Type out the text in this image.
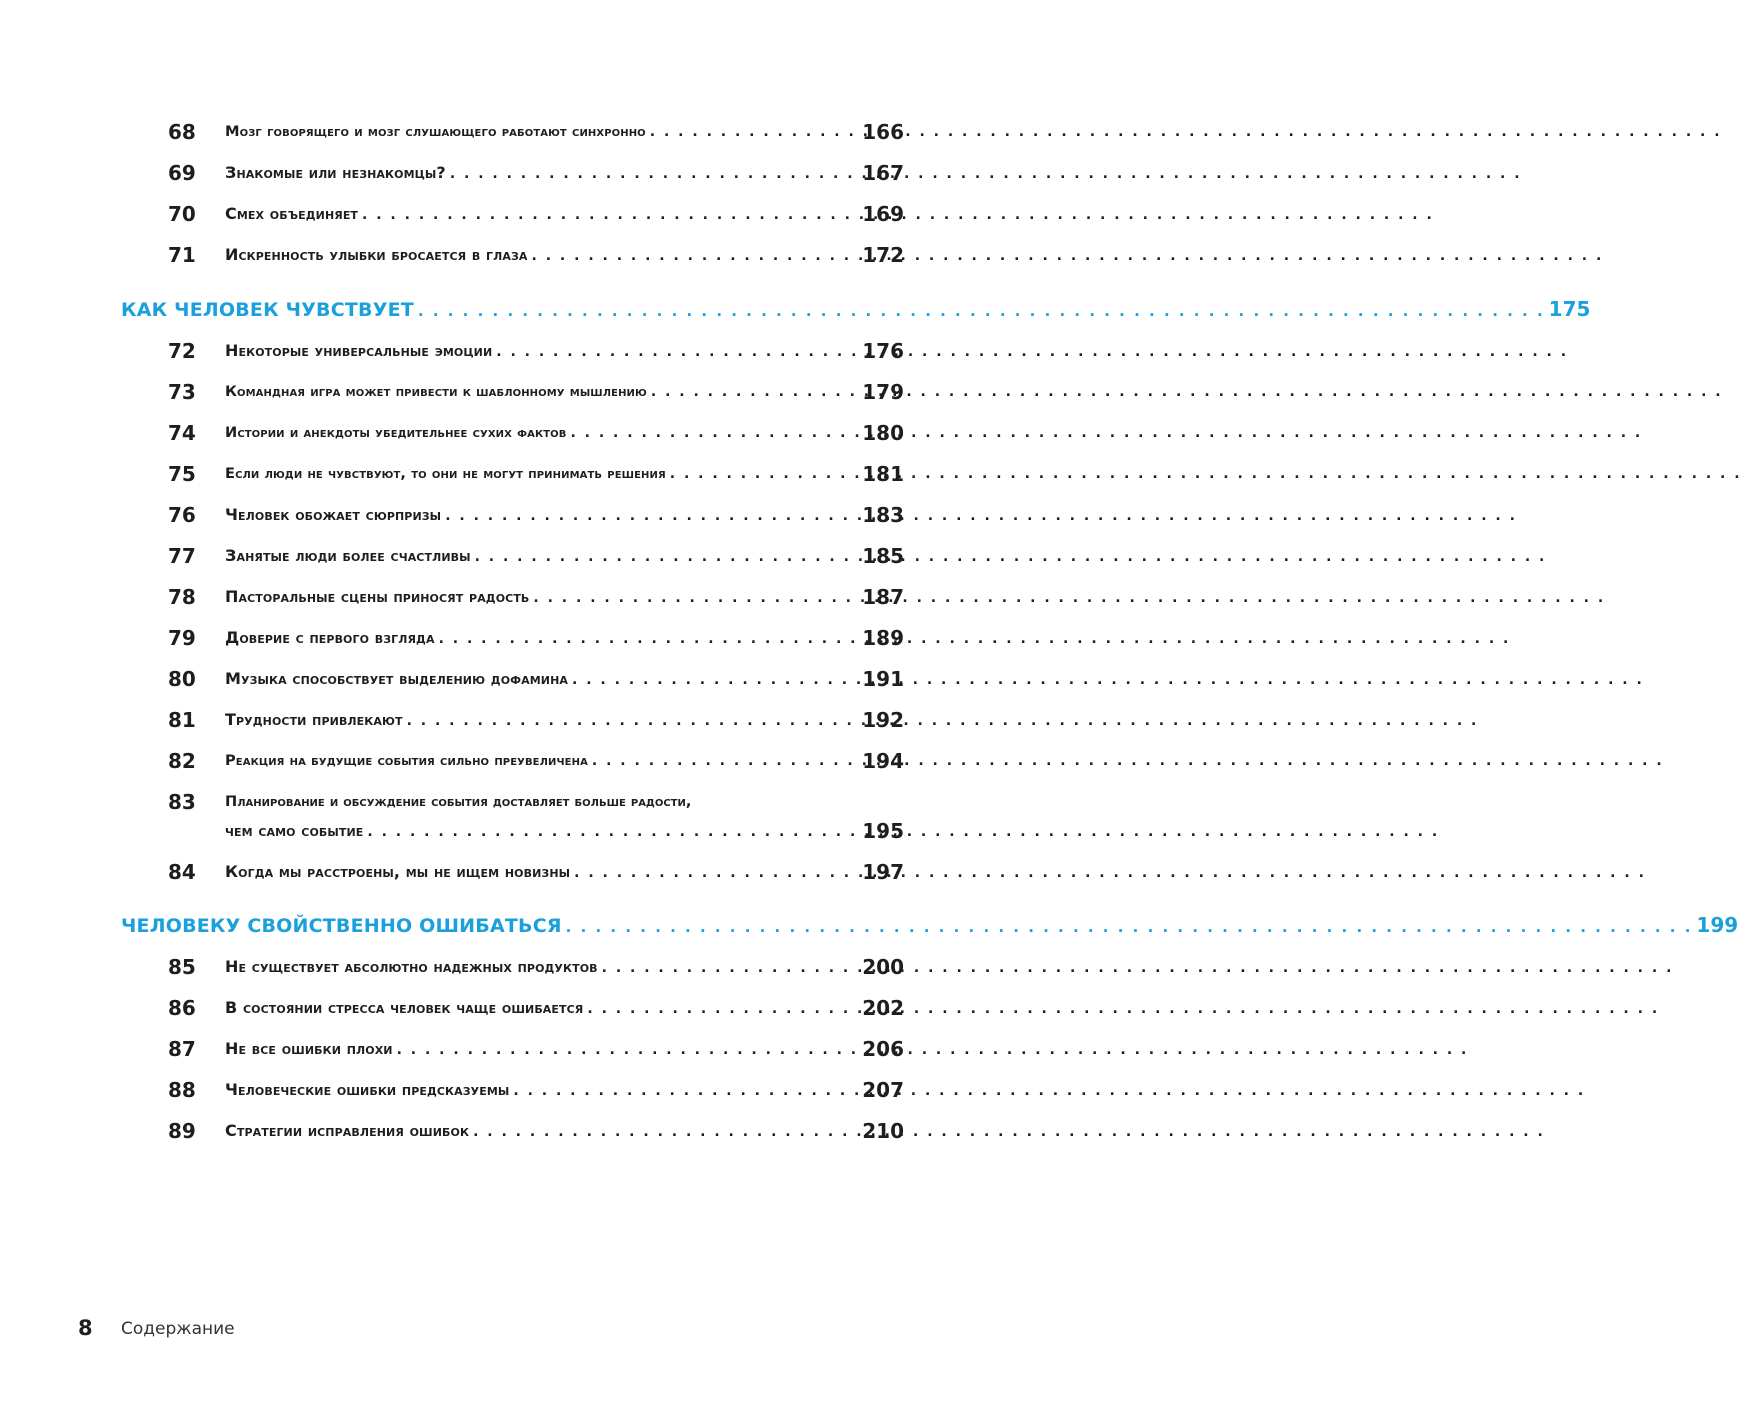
68	Мозг говорящего и мозг слушающего работают синхронно . . .	166
69	Знакомые или незнакомцы? . . .	167
70	Смех объединяет . . .	169
71	Искренность улыбки бросается в глаза . . .	172
КАК ЧЕЛОВЕК ЧУВСТВУЕТ . . .	175
72	Некоторые универсальные эмоции . . .	176
73	Командная игра может привести к шаблонному мышлению . . .	179
74	Истории и анекдоты убедительнее сухих фактов . . .	180
75	Если люди не чувствуют, то они не могут принимать решения . . .	181
76	Человек обожает сюрпризы . . .	183
77	Занятые люди более счастливы . . .	185
78	Пасторальные сцены приносят радость . . .	187
79	Доверие с первого взгляда . . .	189
80	Музыка способствует выделению дофамина . . .	191
81	Трудности привлекают . . .	192
82	Реакция на будущие события сильно преувеличена . . .	194
83	Планирование и обсуждение события доставляет больше радости,
чем само событие . . .	195
84	Когда мы расстроены, мы не ищем новизны . . .	197
ЧЕЛОВЕКУ СВОЙСТВЕННО ОШИБАТЬСЯ . . .	199
85	Не существует абсолютно надежных продуктов . . .	200
86	В состоянии стресса человек чаще ошибается . . .	202
87	Не все ошибки плохи . . .	206
88	Человеческие ошибки предсказуемы . . .	207
89	Стратегии исправления ошибок . . .	210
8 Содержание
